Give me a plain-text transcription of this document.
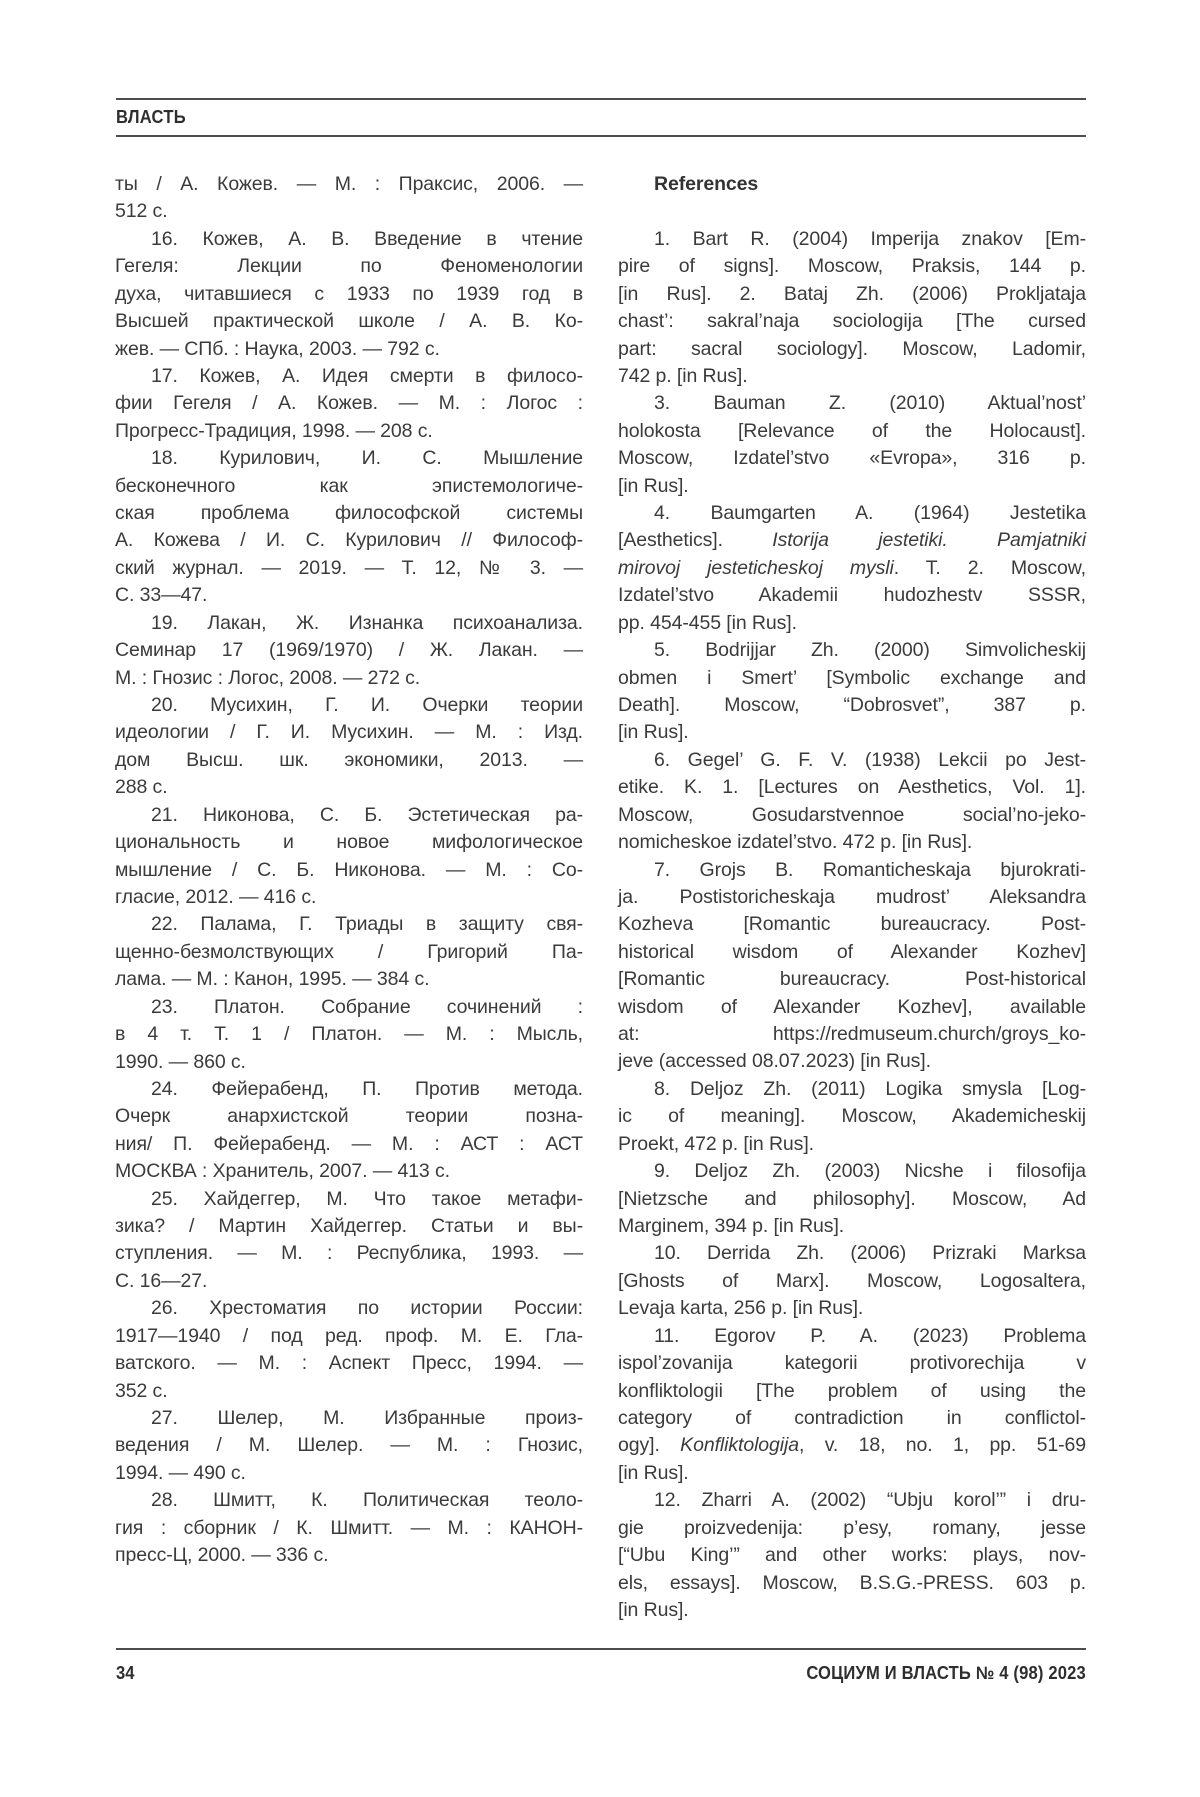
ВЛАСТЬ
ты / А. Кожев. — М. : Праксис, 2006. —
512 с.
16. Кожев, А. В. Введение в чтение
Гегеля: Лекции по Феноменологии
духа, читавшиеся с 1933 по 1939 год в
Высшей практической школе / А. В. Ко-
жев. — СПб. : Наука, 2003. — 792 с.
17. Кожев, А. Идея смерти в филосо-
фии Гегеля / А. Кожев. — М. : Логос :
Прогресс-Традиция, 1998. — 208 с.
18. Курилович, И. С. Мышление
бесконечного как эпистемологиче-
ская проблема философской системы
А. Кожева / И. С. Курилович // Философ-
ский журнал. — 2019. — Т. 12, № 3. —
С. 33—47.
19. Лакан, Ж. Изнанка психоанализа.
Семинар 17 (1969/1970) / Ж. Лакан. —
М. : Гнозис : Логос, 2008. — 272 с.
20. Мусихин, Г. И. Очерки теории
идеологии / Г. И. Мусихин. — М. : Изд.
дом Высш. шк. экономики, 2013. —
288 с.
21. Никонова, С. Б. Эстетическая ра-
циональность и новое мифологическое
мышление / С. Б. Никонова. — М. : Со-
гласие, 2012. — 416 с.
22. Палама, Г. Триады в защиту свя-
щенно-безмолствующих / Григорий Па-
лама. — М. : Канон, 1995. — 384 с.
23. Платон. Собрание сочинений :
в 4 т. Т. 1 / Платон. — М. : Мысль,
1990. — 860 с.
24. Фейерабенд, П. Против метода.
Очерк анархистской теории позна-
ния/ П. Фейерабенд. — М. : АСТ : АСТ
МОСКВА : Хранитель, 2007. — 413 с.
25. Хайдеггер, М. Что такое метафи-
зика? / Мартин Хайдеггер. Статьи и вы-
ступления. — М. : Республика, 1993. —
С. 16—27.
26. Хрестоматия по истории России:
1917—1940 / под ред. проф. М. Е. Гла-
ватского. — М. : Аспект Пресс, 1994. —
352 с.
27. Шелер, М. Избранные произ-
ведения / М. Шелер. — М. : Гнозис,
1994. — 490 с.
28. Шмитт, К. Политическая теоло-
гия : сборник / К. Шмитт. — М. : КАНОН-
пресс-Ц, 2000. — 336 с.
References
1. Bart R. (2004) Imperija znakov [Em-
pire of signs]. Moscow, Praksis, 144 p.
[in Rus]. 2. Bataj Zh. (2006) Prokljataja
chast’: sakral’naja sociologija [The cursed
part: sacral sociology]. Moscow, Ladomir,
742 p. [in Rus].
3. Bauman Z. (2010) Aktual’nost’
holokosta [Relevance of the Holocaust].
Moscow, Izdatel’stvo «Evropa», 316 p.
[in Rus].
4. Baumgarten A. (1964) Jestetika
[Aesthetics]. Istorija jestetiki. Pamjatniki
mirovoj jesteticheskoj mysli. T. 2. Moscow,
Izdatel’stvo Akademii hudozhestv SSSR,
pp. 454-455 [in Rus].
5. Bodrijjar Zh. (2000) Simvolicheskij
obmen i Smert’ [Symbolic exchange and
Death]. Moscow, “Dobrosvet”, 387 p.
[in Rus].
6. Gegel’ G. F. V. (1938) Lekcii po Jest-
etike. K. 1. [Lectures on Aesthetics, Vol. 1].
Moscow, Gosudarstvennoe social’no-jeko-
nomicheskoe izdatel’stvo. 472 p. [in Rus].
7. Grojs B. Romanticheskaja bjurokrati-
ja. Postistoricheskaja mudrost’ Aleksandra
Kozheva [Romantic bureaucracy. Post-
historical wisdom of Alexander Kozhev]
[Romantic bureaucracy. Post-historical
wisdom of Alexander Kozhev], available
at: https://redmuseum.church/groys_ko-
jeve (accessed 08.07.2023) [in Rus].
8. Deljoz Zh. (2011) Logika smysla [Log-
ic of meaning]. Moscow, Akademicheskij
Proekt, 472 p. [in Rus].
9. Deljoz Zh. (2003) Nicshe i filosofija
[Nietzsche and philosophy]. Moscow, Ad
Marginem, 394 p. [in Rus].
10. Derrida Zh. (2006) Prizraki Marksa
[Ghosts of Marx]. Moscow, Logosaltera,
Levaja karta, 256 p. [in Rus].
11. Egorov P. A. (2023) Problema
ispol’zovanija kategorii protivorechija v
konfliktologii [The problem of using the
category of contradiction in conflictol-
ogy]. Konfliktologija, v. 18, no. 1, pp. 51-69
[in Rus].
12. Zharri A. (2002) “Ubju korol’” i dru-
gie proizvedenija: p’esy, romany, jesse
[“Ubu King’” and other works: plays, nov-
els, essays]. Moscow, B.S.G.-PRESS. 603 p.
[in Rus].
34	СОЦИУМ И ВЛАСТЬ № 4 (98) 2023
